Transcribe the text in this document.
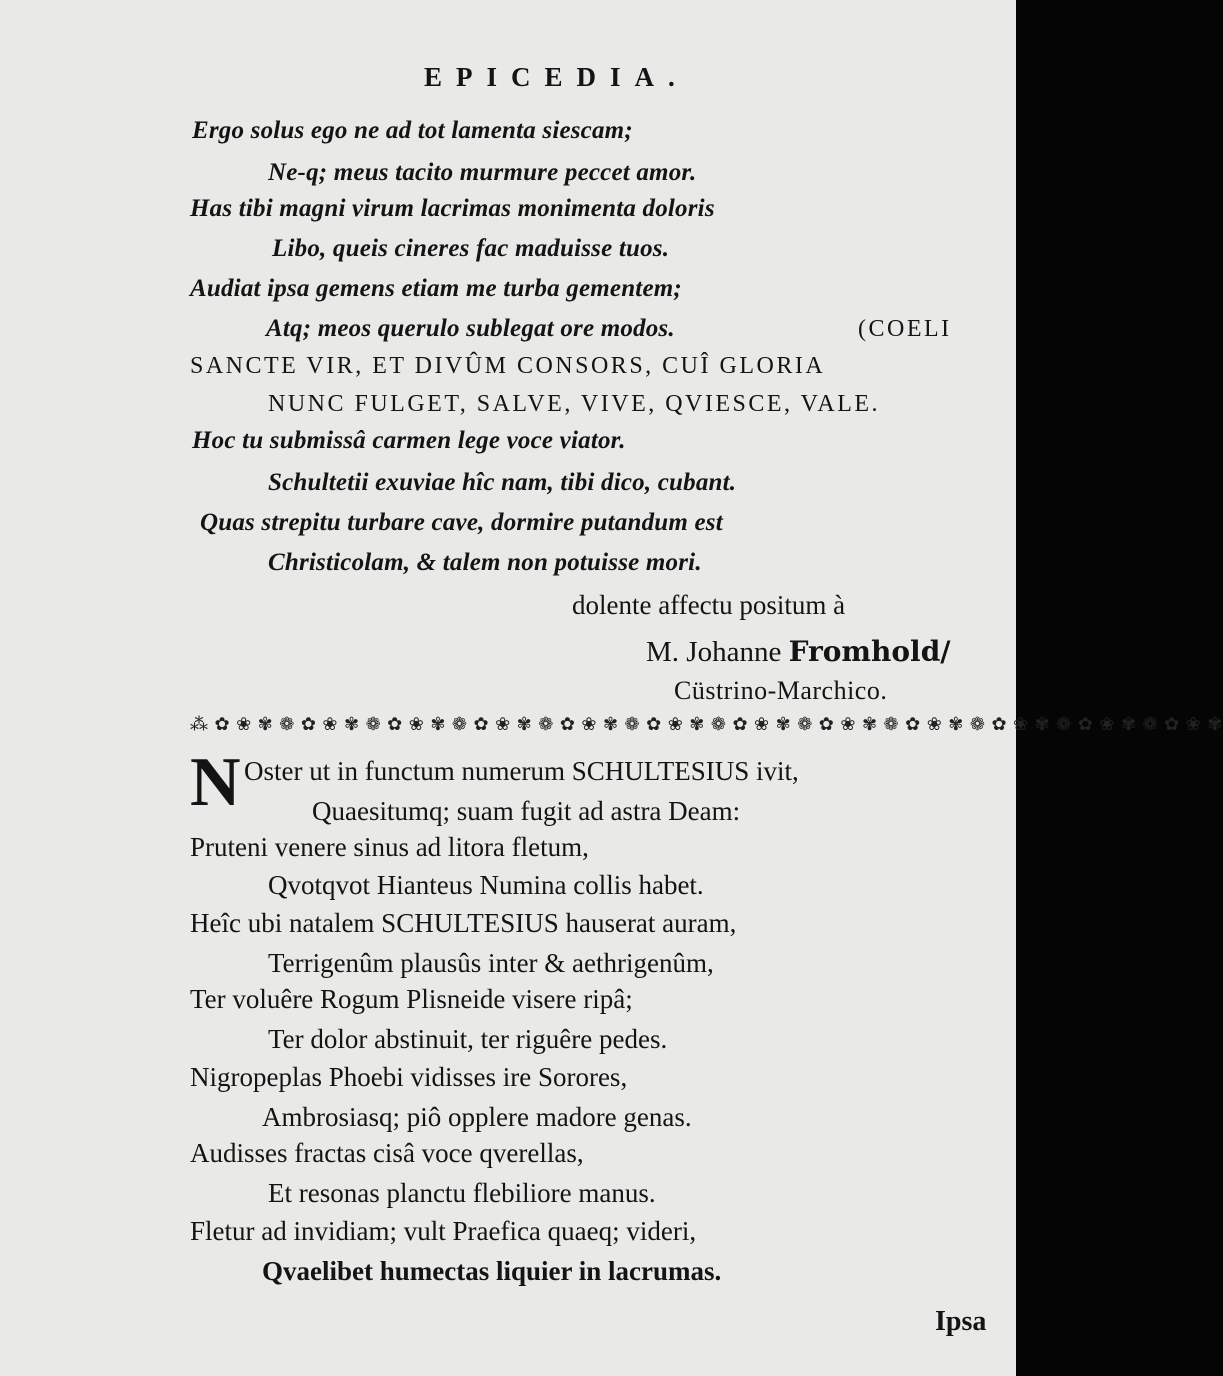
EPICEDIA.
Ergo solus ego ne ad tot lamenta siescam;
Ne-q; meus tacito murmure peccet amor.
Has tibi magni virum lacrimas monimenta doloris
Libo, queis cineres fac maduisse tuos.
Audiat ipsa gemens etiam me turba gementem;
Atq; meos querulo sublegat ore modos.	(COELI
SANCTE VIR, ET DIVÛM CONSORS, CUÎ GLORIA
NUNC FULGET, SALVE, VIVE, QVIESCE, VALE.
Hoc tu submissâ carmen lege voce viator.
Schultetii exuviae hîc nam, tibi dico, cubant.
Quas strepitu turbare cave, dormire putandum est
Christicolam, & talem non potuisse mori.
dolente affectu positum à
M. Johanne Fromhold/
Cüstrino-Marchico.
⁂ ✿ ❀ ✾ ❁ ✿ ❀ ✾ ❁ ✿ ❀ ✾ ❁ ✿ ❀ ✾ ❁ ✿ ❀ ✾ ❁ ✿ ❀ ✾ ❁ ✿ ❀ ✾ ❁ ✿ ❀ ✾ ❁ ✿ ❀ ✾ ❁ ✿ ❀ ✾ ❁ ✿ ❀ ✾ ❁ ✿ ❀ ✾
N Oster ut in functum numerum SCHULTESIUS ivit,
Quaesitumq; suam fugit ad astra Deam:
Pruteni venere sinus ad litora fletum,
Qvotqvot Hianteus Numina collis habet.
Heîc ubi natalem SCHULTESIUS hauserat auram,
Terrigenûm plausûs inter & aethrigenûm,
Ter voluêre Rogum Plisneide visere ripâ;
Ter dolor abstinuit, ter riguêre pedes.
Nigropeplas Phoebi vidisses ire Sorores,
Ambrosiasq; piô opplere madore genas.
Audisses fractas cisâ voce qverellas,
Et resonas planctu flebiliore manus.
Fletur ad invidiam; vult Praefica quaeq; videri,
Qvaelibet humectas liquier in lacrumas.
Ipsa
